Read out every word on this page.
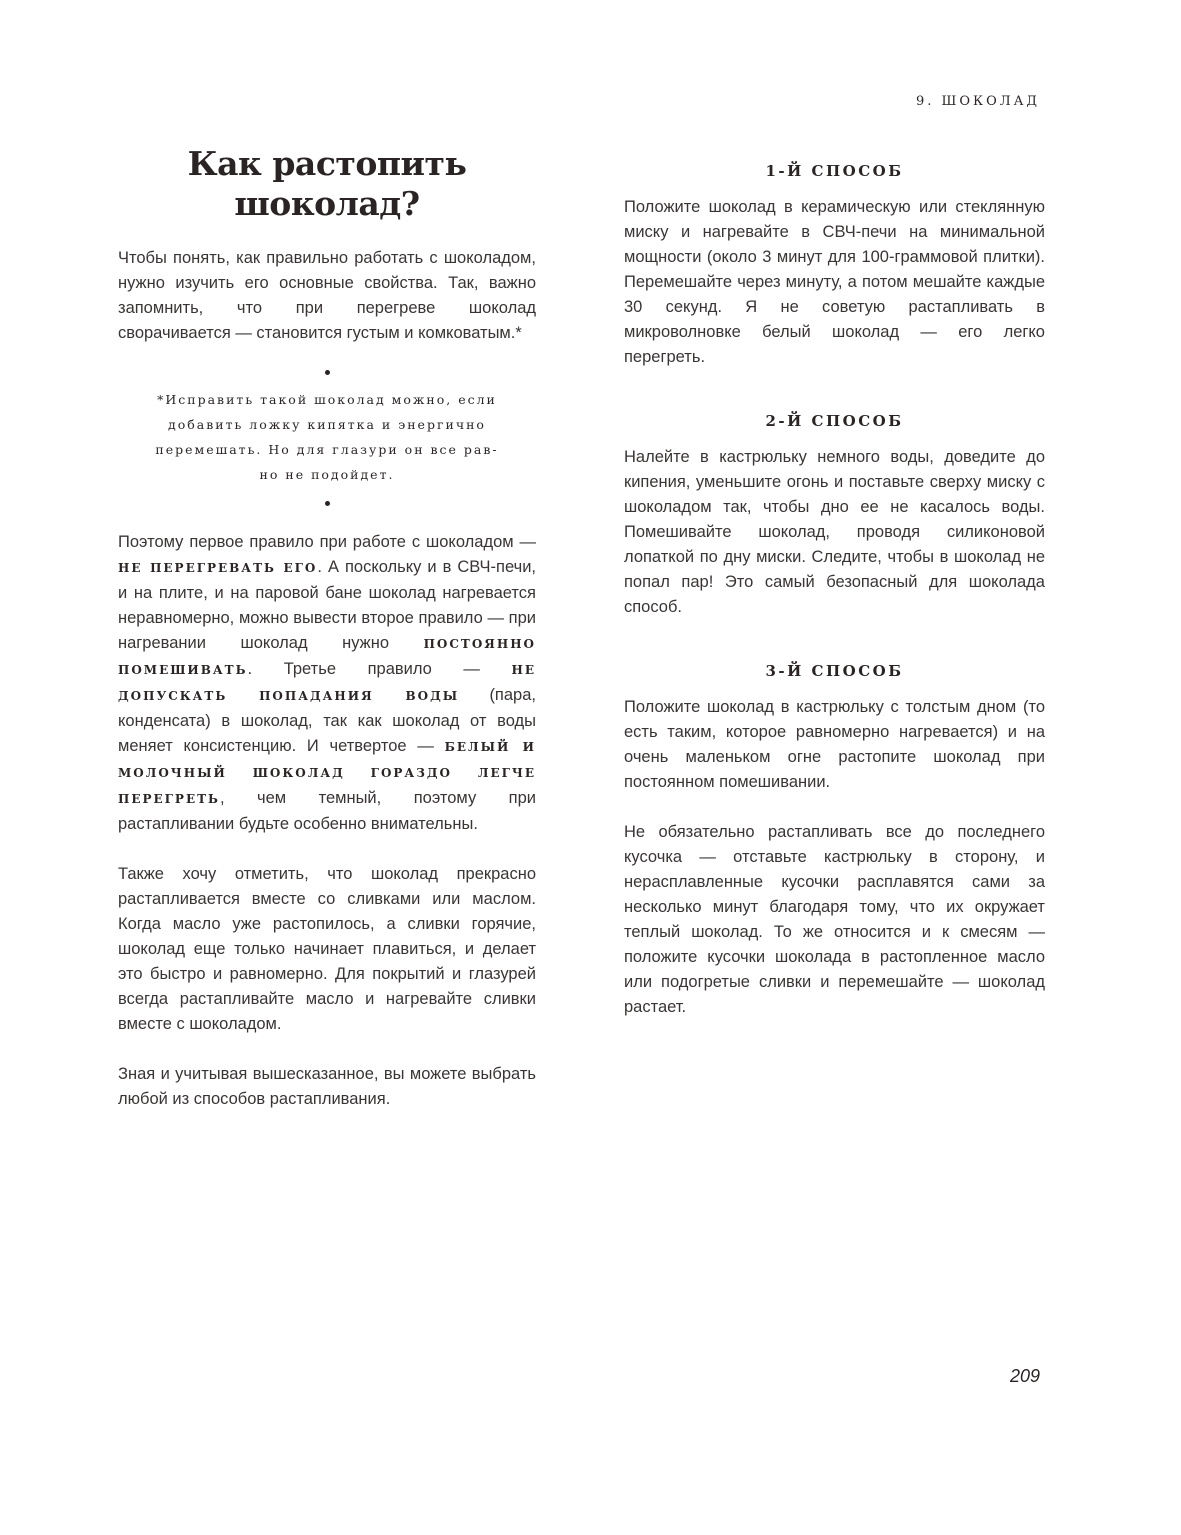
9. ШОКОЛАД
Как растопить
шоколад?

Чтобы понять, как правильно работать с шоколадом, нужно изучить его основные свойства. Так, важно запомнить, что при перегреве шоколад сворачивается — становится густым и комковатым.*

*Исправить такой шоколад можно, если
добавить ложку кипятка и энергично
перемешать. Но для глазури он все рав-
но не подойдет.

Поэтому первое правило при работе с шоколадом — НЕ ПЕРЕГРЕВАТЬ ЕГО. А поскольку и в СВЧ-печи, и на плите, и на паровой бане шоколад нагревается неравномерно, можно вывести второе правило — при нагревании шоколад нужно ПОСТОЯННО ПОМЕШИВАТЬ. Третье правило — НЕ ДОПУСКАТЬ ПОПАДАНИЯ ВОДЫ (пара, конденсата) в шоколад, так как шоколад от воды меняет консистенцию. И четвертое — БЕЛЫЙ И МОЛОЧНЫЙ ШОКОЛАД ГОРАЗДО ЛЕГЧЕ ПЕРЕГРЕТЬ, чем темный, поэтому при растапливании будьте особенно внимательны.

Также хочу отметить, что шоколад прекрасно растапливается вместе со сливками или маслом. Когда масло уже растопилось, а сливки горячие, шоколад еще только начинает плавиться, и делает это быстро и равномерно. Для покрытий и глазурей всегда растапливайте масло и нагревайте сливки вместе с шоколадом.

Зная и учитывая вышесказанное, вы можете выбрать любой из способов растапливания.

1-Й СПОСОБ

Положите шоколад в керамическую или стеклянную миску и нагревайте в СВЧ-печи на минимальной мощности (около 3 минут для 100-граммовой плитки). Перемешайте через минуту, а потом мешайте каждые 30 секунд. Я не советую растапливать в микроволновке белый шоколад — его легко перегреть.

2-Й СПОСОБ

Налейте в кастрюльку немного воды, доведите до кипения, уменьшите огонь и поставьте сверху миску с шоколадом так, чтобы дно ее не касалось воды. Помешивайте шоколад, проводя силиконовой лопаткой по дну миски. Следите, чтобы в шоколад не попал пар! Это самый безопасный для шоколада способ.

3-Й СПОСОБ

Положите шоколад в кастрюльку с толстым дном (то есть таким, которое равномерно нагревается) и на очень маленьком огне растопите шоколад при постоянном помешивании.

Не обязательно растапливать все до последнего кусочка — отставьте кастрюльку в сторону, и нерасплавленные кусочки расплавятся сами за несколько минут благодаря тому, что их окружает теплый шоколад. То же относится и к смесям — положите кусочки шоколада в растопленное масло или подогретые сливки и перемешайте — шоколад растает.

209
